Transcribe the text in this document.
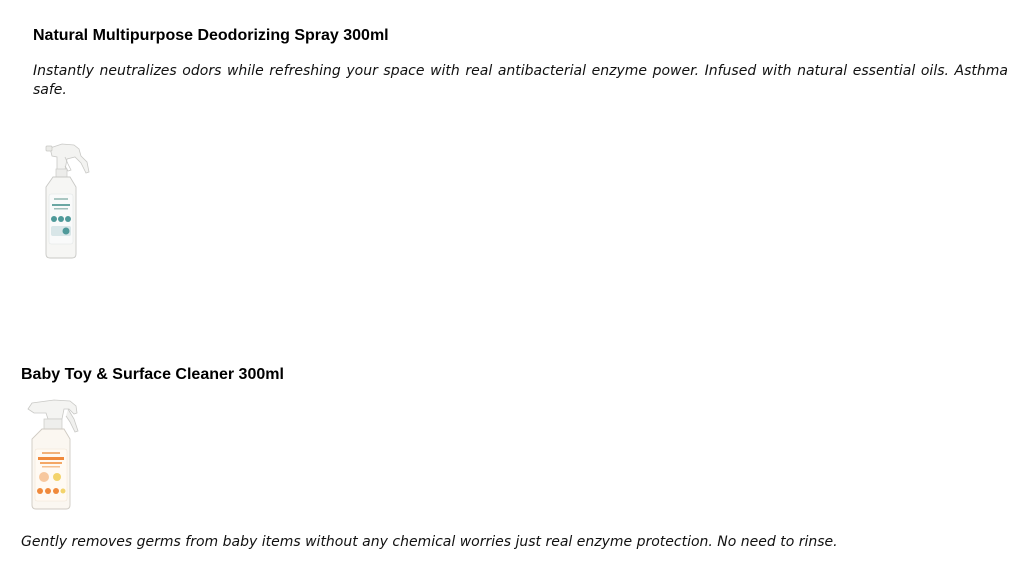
Natural Multipurpose Deodorizing Spray 300ml

Instantly neutralizes odors while refreshing your space with real antibacterial enzyme power. Infused with natural essential oils. Asthma safe.

Baby Toy & Surface Cleaner 300ml

Gently removes germs from baby items without any chemical worries just real enzyme protection. No need to rinse.
